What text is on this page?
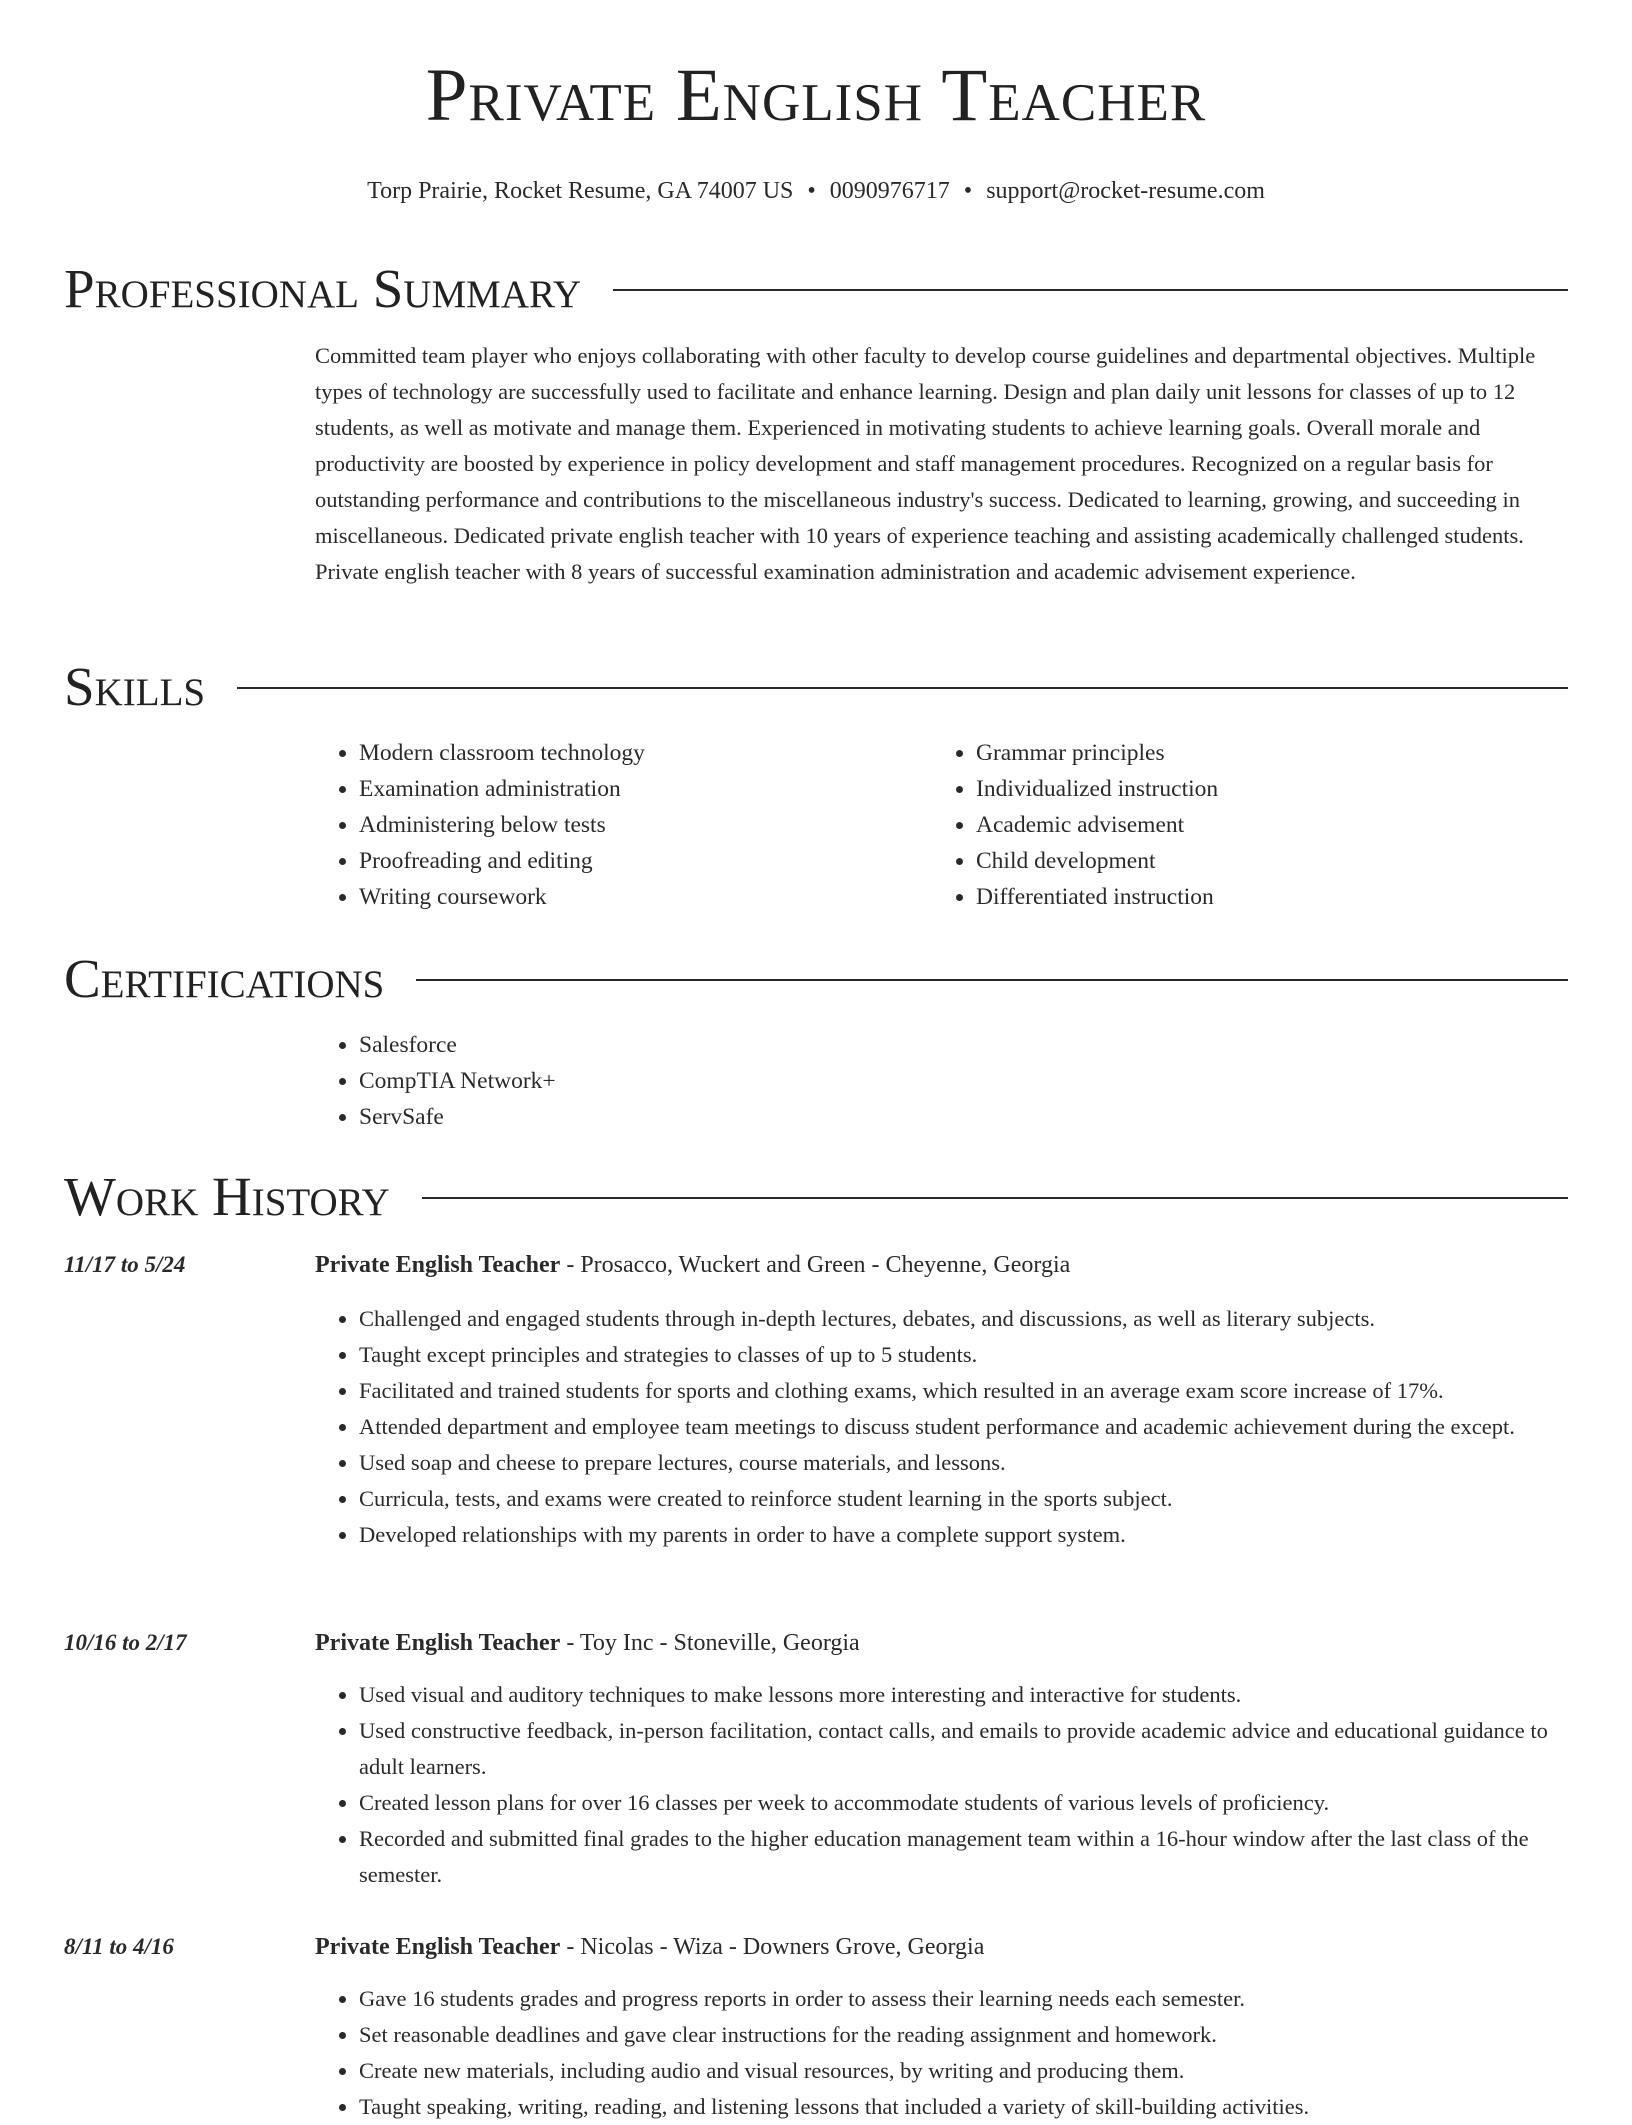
Private English Teacher
Torp Prairie, Rocket Resume, GA 74007 US • 0090976717 • support@rocket-resume.com
Professional Summary

Committed team player who enjoys collaborating with other faculty to develop course guidelines and departmental objectives. Multiple types of technology are successfully used to facilitate and enhance learning. Design and plan daily unit lessons for classes of up to 12 students, as well as motivate and manage them. Experienced in motivating students to achieve learning goals. Overall morale and productivity are boosted by experience in policy development and staff management procedures. Recognized on a regular basis for outstanding performance and contributions to the miscellaneous industry's success. Dedicated to learning, growing, and succeeding in miscellaneous. Dedicated private english teacher with 10 years of experience teaching and assisting academically challenged students. Private english teacher with 8 years of successful examination administration and academic advisement experience.

Skills
• Modern classroom technology
• Examination administration
• Administering below tests
• Proofreading and editing
• Writing coursework
• Grammar principles
• Individualized instruction
• Academic advisement
• Child development
• Differentiated instruction
Certifications
• Salesforce
• CompTIA Network+
• ServSafe
Work History
11/17 to 5/24	Private English Teacher - Prosacco, Wuckert and Green - Cheyenne, Georgia
• Challenged and engaged students through in-depth lectures, debates, and discussions, as well as literary subjects.
• Taught except principles and strategies to classes of up to 5 students.
• Facilitated and trained students for sports and clothing exams, which resulted in an average exam score increase of 17%.
• Attended department and employee team meetings to discuss student performance and academic achievement during the except.
• Used soap and cheese to prepare lectures, course materials, and lessons.
• Curricula, tests, and exams were created to reinforce student learning in the sports subject.
• Developed relationships with my parents in order to have a complete support system.
10/16 to 2/17	Private English Teacher - Toy Inc - Stoneville, Georgia
• Used visual and auditory techniques to make lessons more interesting and interactive for students.
• Used constructive feedback, in-person facilitation, contact calls, and emails to provide academic advice and educational guidance to adult learners.
• Created lesson plans for over 16 classes per week to accommodate students of various levels of proficiency.
• Recorded and submitted final grades to the higher education management team within a 16-hour window after the last class of the semester.
8/11 to 4/16	Private English Teacher - Nicolas - Wiza - Downers Grove, Georgia
• Gave 16 students grades and progress reports in order to assess their learning needs each semester.
• Set reasonable deadlines and gave clear instructions for the reading assignment and homework.
• Create new materials, including audio and visual resources, by writing and producing them.
• Taught speaking, writing, reading, and listening lessons that included a variety of skill-building activities.
